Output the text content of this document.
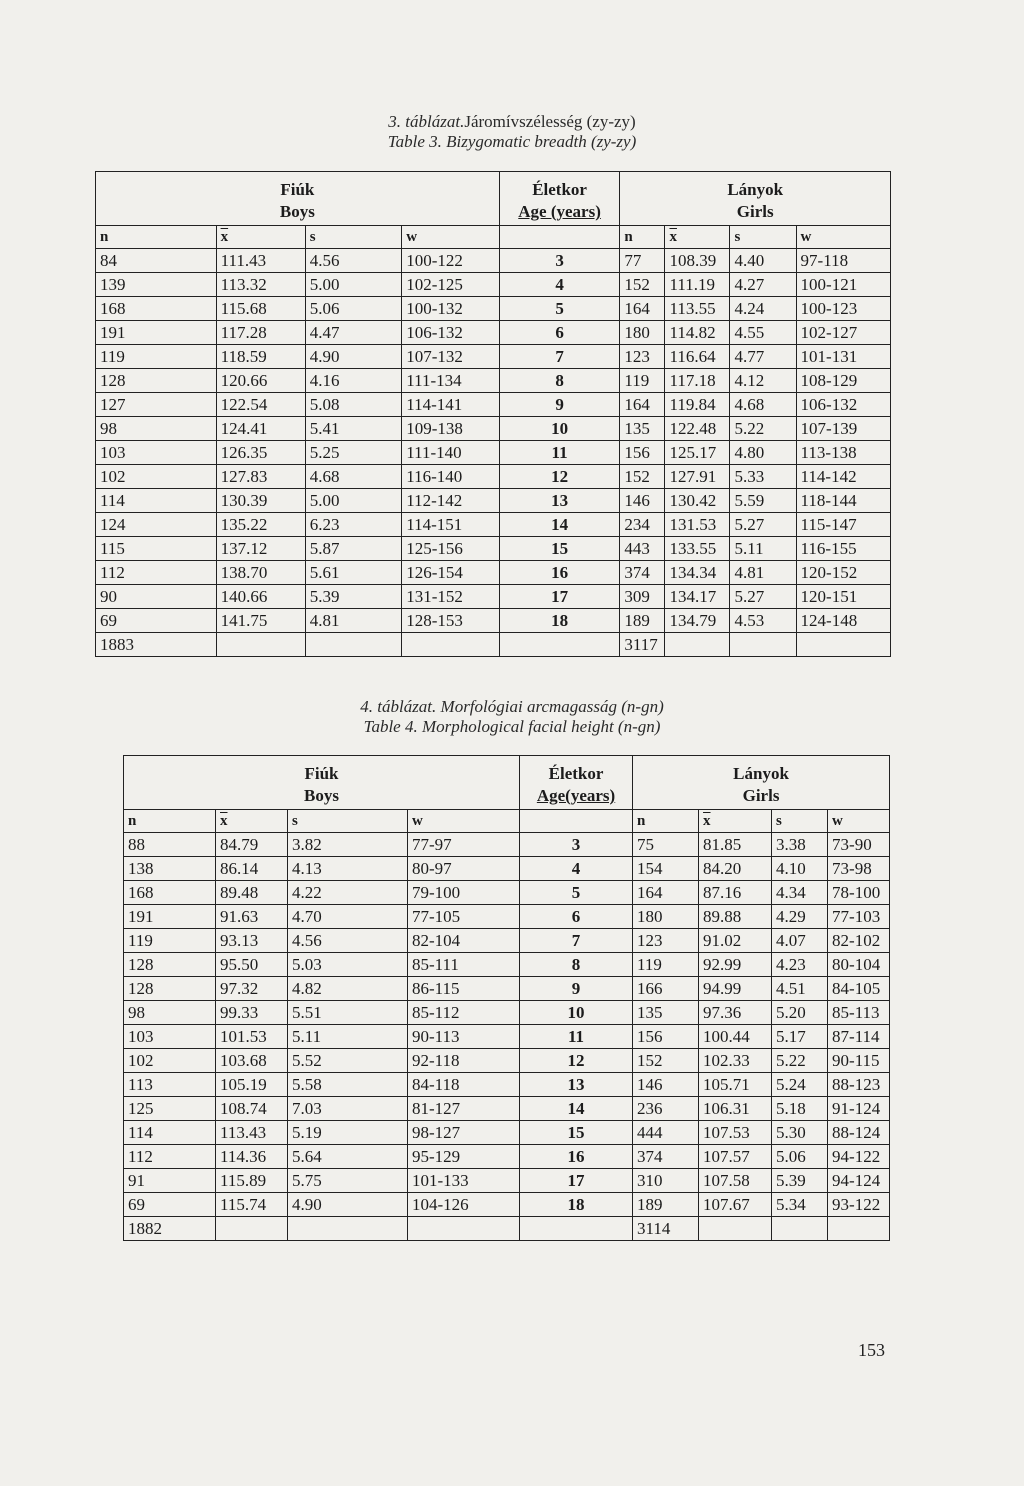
3. táblázat.Járomívszélesség (zy-zy)
Table 3. Bizygomatic breadth (zy-zy)
Fiúk
Boys				Életkor

Age (years)	Lányok
Girls			
n	$\overline{x}$	s	w		n	$\overline{x}$	s	w
84	111.43	4.56	100-122	3	77	108.39	4.40	97-118
139	113.32	5.00	102-125	4	152	111.19	4.27	100-121
168	115.68	5.06	100-132	5	164	113.55	4.24	100-123
191	117.28	4.47	106-132	6	180	114.82	4.55	102-127
119	118.59	4.90	107-132	7	123	116.64	4.77	101-131
128	120.66	4.16	111-134	8	119	117.18	4.12	108-129
127	122.54	5.08	114-141	9	164	119.84	4.68	106-132
98	124.41	5.41	109-138	10	135	122.48	5.22	107-139
103	126.35	5.25	111-140	11	156	125.17	4.80	113-138
102	127.83	4.68	116-140	12	152	127.91	5.33	114-142
114	130.39	5.00	112-142	13	146	130.42	5.59	118-144
124	135.22	6.23	114-151	14	234	131.53	5.27	115-147
115	137.12	5.87	125-156	15	443	133.55	5.11	116-155
112	138.70	5.61	126-154	16	374	134.34	4.81	120-152
90	140.66	5.39	131-152	17	309	134.17	5.27	120-151
69	141.75	4.81	128-153	18	189	134.79	4.53	124-148
1883					3117			
4. táblázat. Morfológiai arcmagasság (n-gn)
Table 4. Morphological facial height (n-gn)
Fiúk
Boys				Életkor

Age(years)	Lányok
Girls			
n	$\overline{x}$	s	w		n	$\overline{x}$	s	w
88	84.79	3.82	77-97	3	75	81.85	3.38	73-90
138	86.14	4.13	80-97	4	154	84.20	4.10	73-98
168	89.48	4.22	79-100	5	164	87.16	4.34	78-100
191	91.63	4.70	77-105	6	180	89.88	4.29	77-103
119	93.13	4.56	82-104	7	123	91.02	4.07	82-102
128	95.50	5.03	85-111	8	119	92.99	4.23	80-104
128	97.32	4.82	86-115	9	166	94.99	4.51	84-105
98	99.33	5.51	85-112	10	135	97.36	5.20	85-113
103	101.53	5.11	90-113	11	156	100.44	5.17	87-114
102	103.68	5.52	92-118	12	152	102.33	5.22	90-115
113	105.19	5.58	84-118	13	146	105.71	5.24	88-123
125	108.74	7.03	81-127	14	236	106.31	5.18	91-124
114	113.43	5.19	98-127	15	444	107.53	5.30	88-124
112	114.36	5.64	95-129	16	374	107.57	5.06	94-122
91	115.89	5.75	101-133	17	310	107.58	5.39	94-124
69	115.74	4.90	104-126	18	189	107.67	5.34	93-122
1882					3114			
153
